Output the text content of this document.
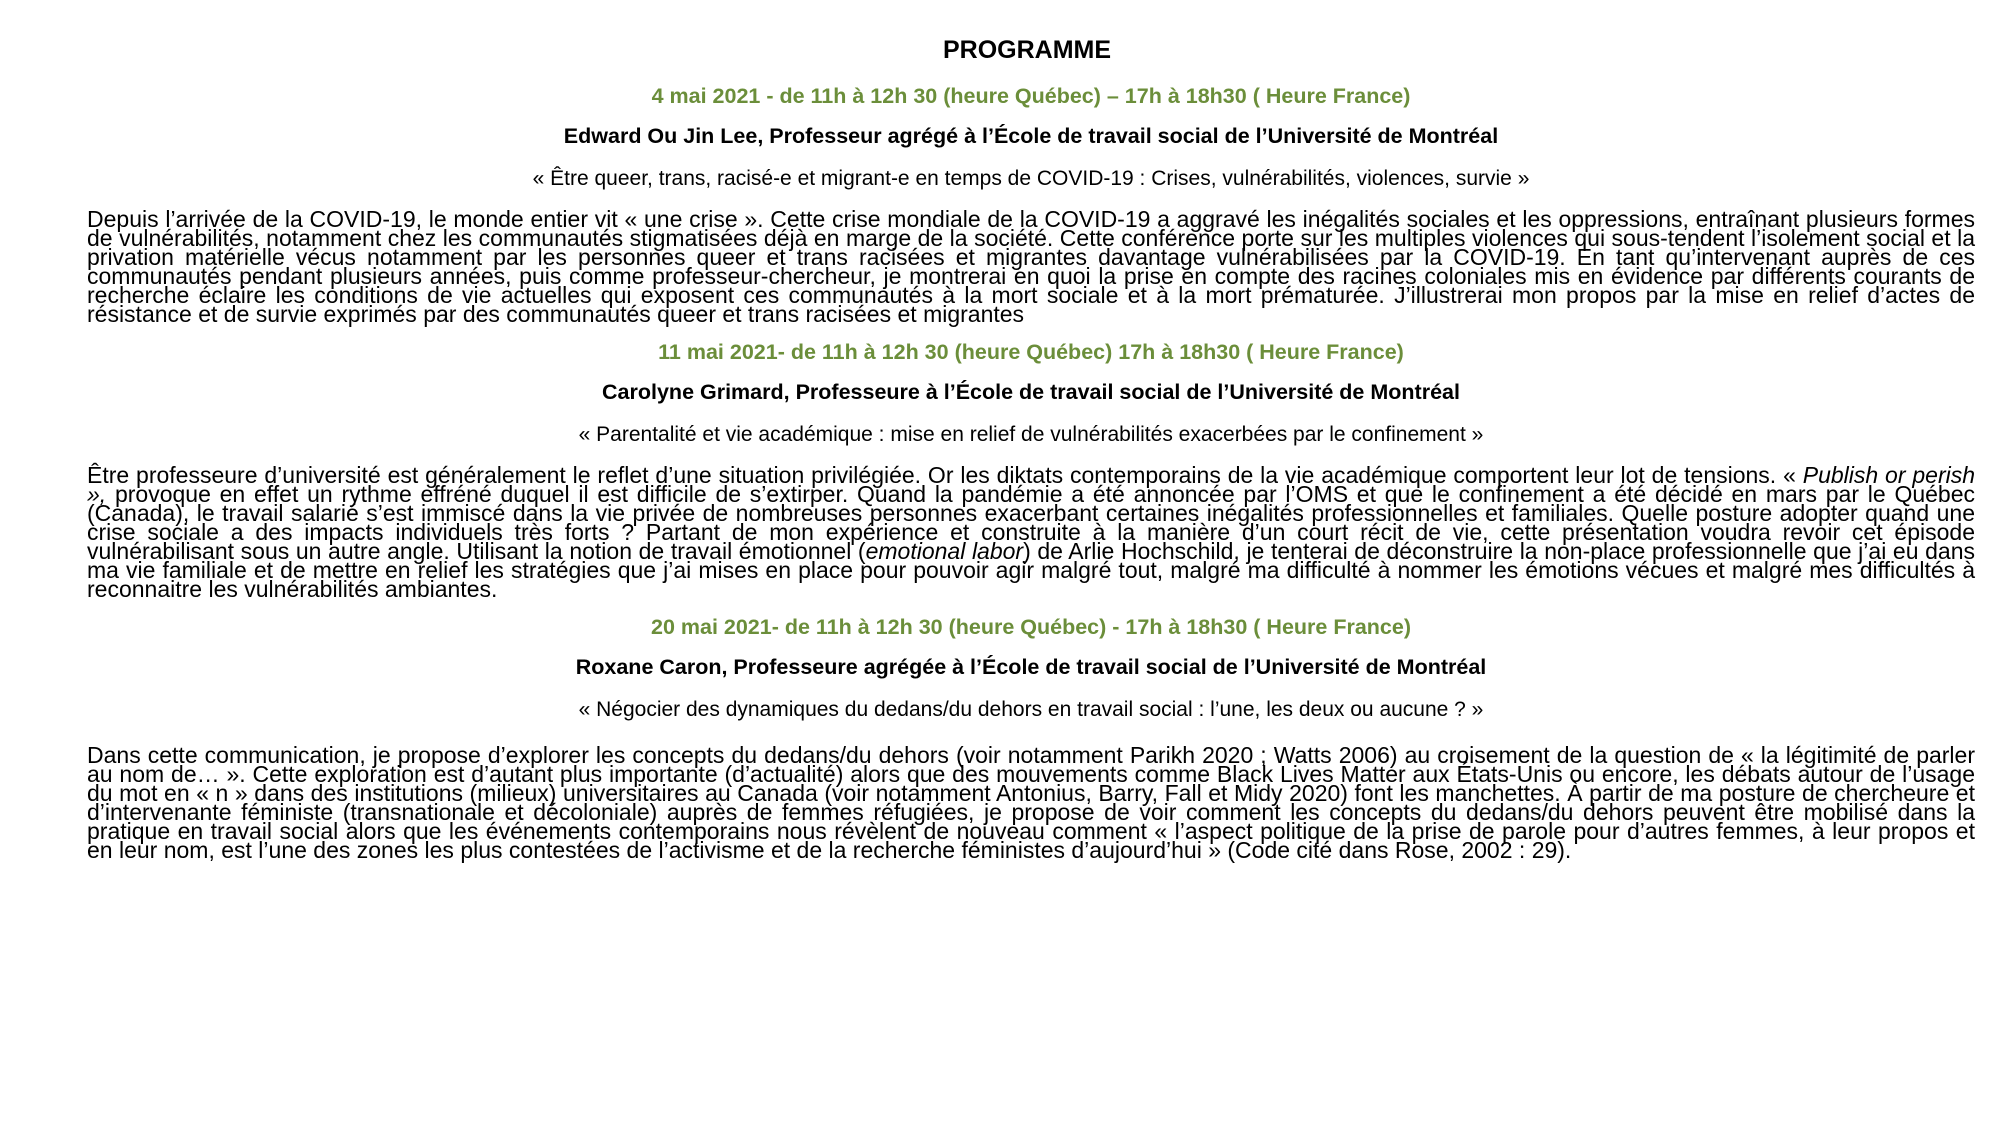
PROGRAMME

4 mai 2021 - de 11h à 12h 30 (heure Québec) – 17h à 18h30 ( Heure France)

Edward Ou Jin Lee, Professeur agrégé à l’École de travail social de l’Université de Montréal

« Être queer, trans, racisé-e et migrant-e en temps de COVID-19 : Crises, vulnérabilités, violences, survie »

Depuis l’arrivée de la COVID-19, le monde entier vit « une crise ». Cette crise mondiale de la COVID-19 a aggravé les inégalités sociales et les oppressions, entraînant plusieurs formes de vulnérabilités, notamment chez les communautés stigmatisées déjà en marge de la société. Cette conférence porte sur les multiples violences qui sous-tendent l’isolement social et la privation matérielle vécus notamment par les personnes queer et trans racisées et migrantes davantage vulnérabilisées par la COVID-19. En tant qu’intervenant auprès de ces communautés pendant plusieurs années, puis comme professeur-chercheur, je montrerai en quoi la prise en compte des racines coloniales mis en évidence par différents courants de recherche éclaire les conditions de vie actuelles qui exposent ces communautés à la mort sociale et à la mort prématurée. J’illustrerai mon propos par la mise en relief d’actes de résistance et de survie exprimés par des communautés queer et trans racisées et migrantes

11 mai 2021- de 11h à 12h 30 (heure Québec) 17h à 18h30 ( Heure France)

Carolyne Grimard, Professeure à l’École de travail social de l’Université de Montréal

« Parentalité et vie académique : mise en relief de vulnérabilités exacerbées par le confinement »

Être professeure d’université est généralement le reflet d’une situation privilégiée. Or les diktats contemporains de la vie académique comportent leur lot de tensions. « Publish or perish », provoque en effet un rythme effréné duquel il est difficile de s’extirper. Quand la pandémie a été annoncée par l’OMS et que le confinement a été décidé en mars par le Québec (Canada), le travail salarié s’est immiscé dans la vie privée de nombreuses personnes exacerbant certaines inégalités professionnelles et familiales. Quelle posture adopter quand une crise sociale a des impacts individuels très forts ? Partant de mon expérience et construite à la manière d’un court récit de vie, cette présentation voudra revoir cet épisode vulnérabilisant sous un autre angle. Utilisant la notion de travail émotionnel (emotional labor) de Arlie Hochschild, je tenterai de déconstruire la non-place professionnelle que j’ai eu dans ma vie familiale et de mettre en relief les stratégies que j’ai mises en place pour pouvoir agir malgré tout, malgré ma difficulté à nommer les émotions vécues et malgré mes difficultés à reconnaitre les vulnérabilités ambiantes.

20 mai 2021- de 11h à 12h 30 (heure Québec) - 17h à 18h30 ( Heure France)

Roxane Caron, Professeure agrégée à l’École de travail social de l’Université de Montréal

« Négocier des dynamiques du dedans/du dehors en travail social : l’une, les deux ou aucune ? »

Dans cette communication, je propose d’explorer les concepts du dedans/du dehors (voir notamment Parikh 2020 ; Watts 2006) au croisement de la question de « la légitimité de parler au nom de… ». Cette exploration est d’autant plus importante (d’actualité) alors que des mouvements comme Black Lives Matter aux États-Unis ou encore, les débats autour de l’usage du mot en « n » dans des institutions (milieux) universitaires au Canada (voir notamment Antonius, Barry, Fall et Midy 2020) font les manchettes. À partir de ma posture de chercheure et d’intervenante féministe (transnationale et décoloniale) auprès de femmes réfugiées, je propose de voir comment les concepts du dedans/du dehors peuvent être mobilisé dans la pratique en travail social alors que les événements contemporains nous révèlent de nouveau comment « l’aspect politique de la prise de parole pour d’autres femmes, à leur propos et en leur nom, est l’une des zones les plus contestées de l’activisme et de la recherche féministes d’aujourd’hui » (Code cité dans Rose, 2002 : 29).
